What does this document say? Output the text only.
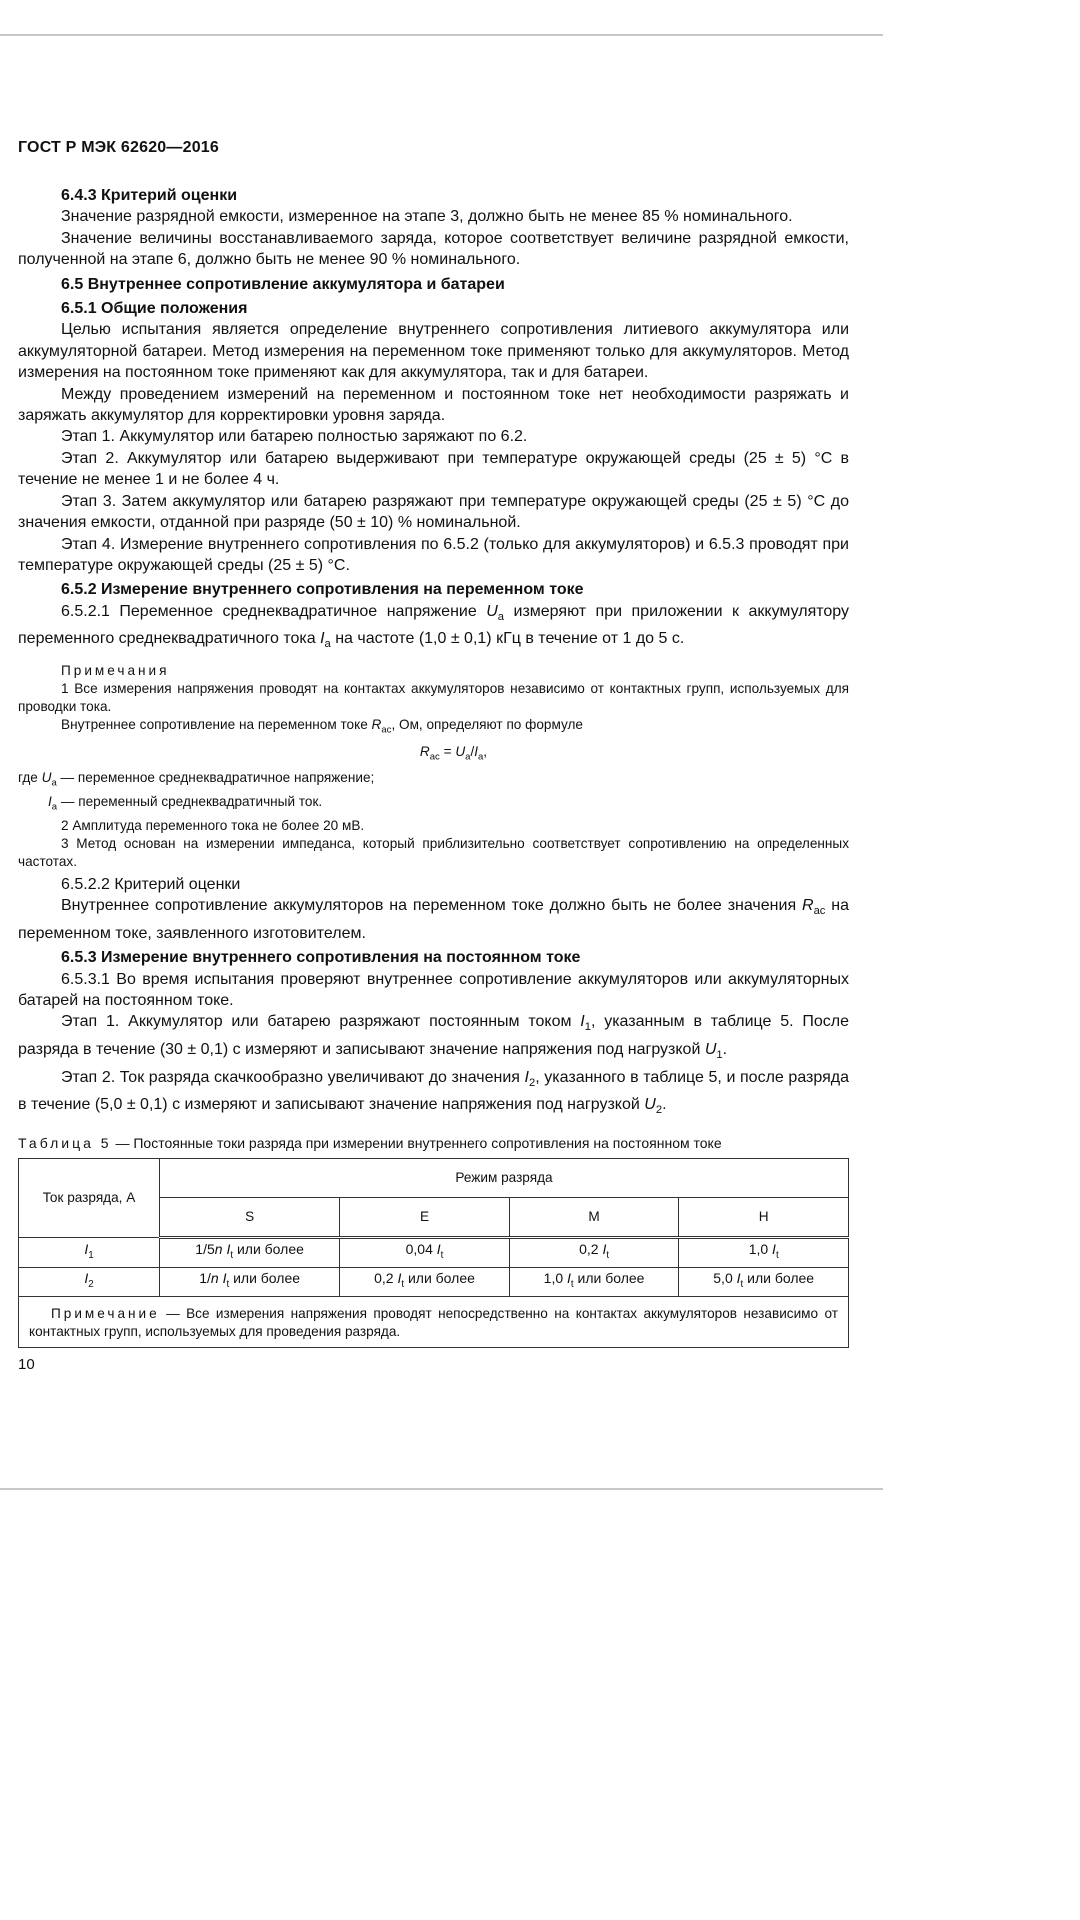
ГОСТ Р МЭК 62620—2016

6.4.3 Критерий оценки

Значение разрядной емкости, измеренное на этапе 3, должно быть не менее 85 % номинального.

Значение величины восстанавливаемого заряда, которое соответствует величине разрядной емкости, полученной на этапе 6, должно быть не менее 90 % номинального.

6.5 Внутреннее сопротивление аккумулятора и батареи

6.5.1 Общие положения

Целью испытания является определение внутреннего сопротивления литиевого аккумулятора или аккумуляторной батареи. Метод измерения на переменном токе применяют только для аккумуляторов. Метод измерения на постоянном токе применяют как для аккумулятора, так и для батареи.

Между проведением измерений на переменном и постоянном токе нет необходимости разряжать и заряжать аккумулятор для корректировки уровня заряда.

Этап 1. Аккумулятор или батарею полностью заряжают по 6.2.

Этап 2. Аккумулятор или батарею выдерживают при температуре окружающей среды (25 ± 5) °С в течение не менее 1 и не более 4 ч.

Этап 3. Затем аккумулятор или батарею разряжают при температуре окружающей среды (25 ± 5) °С до значения емкости, отданной при разряде (50 ± 10) % номинальной.

Этап 4. Измерение внутреннего сопротивления по 6.5.2 (только для аккумуляторов) и 6.5.3 проводят при температуре окружающей среды (25 ± 5) °С.

6.5.2 Измерение внутреннего сопротивления на переменном токе

6.5.2.1 Переменное среднеквадратичное напряжение $U_a$ измеряют при приложении к аккумулятору переменного среднеквадратичного тока $I_a$ на частоте (1,0 ± 0,1) кГц в течение от 1 до 5 с.

Примечания

1 Все измерения напряжения проводят на контактах аккумуляторов независимо от контактных групп, используемых для проводки тока.

Внутреннее сопротивление на переменном токе $R_{ac}$, Ом, определяют по формуле

$R_{ac} = U_a/I_a$,

где $U_a$ — переменное среднеквадратичное напряжение;

$I_a$ — переменный среднеквадратичный ток.

2 Амплитуда переменного тока не более 20 мВ.

3 Метод основан на измерении импеданса, который приблизительно соответствует сопротивлению на определенных частотах.

6.5.2.2 Критерий оценки

Внутреннее сопротивление аккумуляторов на переменном токе должно быть не более значения $R_{ac}$ на переменном токе, заявленного изготовителем.

6.5.3 Измерение внутреннего сопротивления на постоянном токе

6.5.3.1 Во время испытания проверяют внутреннее сопротивление аккумуляторов или аккумуляторных батарей на постоянном токе.

Этап 1. Аккумулятор или батарею разряжают постоянным током $I_1$, указанным в таблице 5. После разряда в течение (30 ± 0,1) с измеряют и записывают значение напряжения под нагрузкой $U_1$.

Этап 2. Ток разряда скачкообразно увеличивают до значения $I_2$, указанного в таблице 5, и после разряда в течение (5,0 ± 0,1) с измеряют и записывают значение напряжения под нагрузкой $U_2$.

Таблица 5 — Постоянные токи разряда при измерении внутреннего сопротивления на постоянном токе

Ток разряда, А	Режим разряда			
	S	E	M	H
$I_1$	1/5n $I_t$ или более	0,04 $I_t$	0,2 $I_t$	1,0 $I_t$
$I_2$	1/n $I_t$ или более	0,2 $I_t$ или более	1,0 $I_t$ или более	5,0 $I_t$ или более
Примечание — Все измерения напряжения проводят непосредственно на контактах аккумуляторов независимо от контактных групп, используемых для проведения разряда.				
10
